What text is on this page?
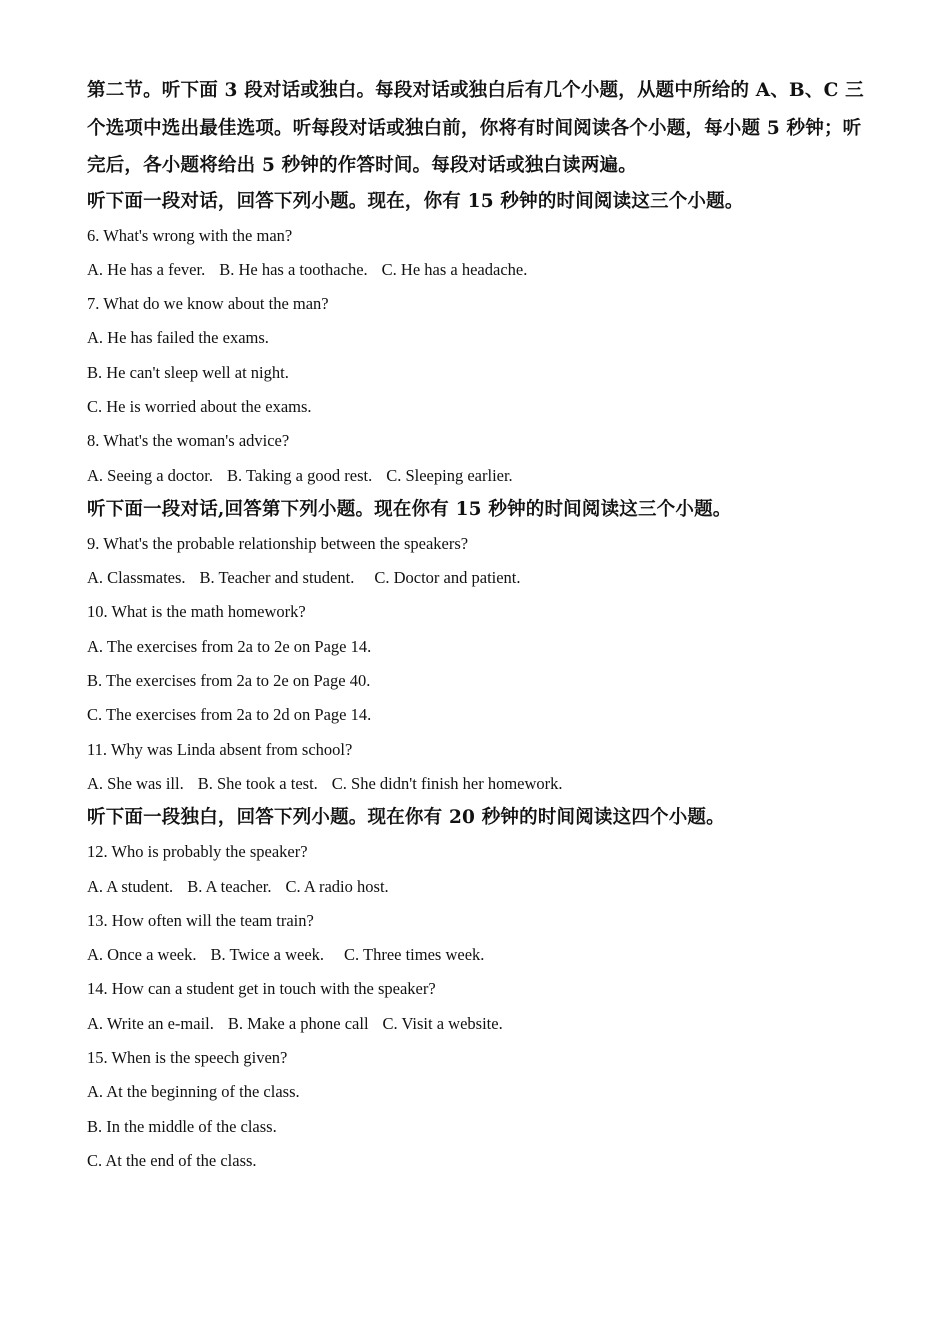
第二节。听下面 3 段对话或独白。每段对话或独白后有几个小题，从题中所给的 A、B、C 三个选项中选出最佳选项。听每段对话或独白前，你将有时间阅读各个小题，每小题 5 秒钟；听完后，各小题将给出 5 秒钟的作答时间。每段对话或独白读两遍。

听下面一段对话，回答下列小题。现在，你有 15 秒钟的时间阅读这三个小题。

6. What's wrong with the man?

A. He has a fever. B. He has a toothache. C. He has a headache.

7. What do we know about the man?

A. He has failed the exams.

B. He can't sleep well at night.

C. He is worried about the exams.

8. What's the woman's advice?

A. Seeing a doctor. B. Taking a good rest. C. Sleeping earlier.

听下面一段对话,回答第下列小题。现在你有 15 秒钟的时间阅读这三个小题。

9. What's the probable relationship between the speakers?

A. Classmates. B. Teacher and student. C. Doctor and patient.

10. What is the math homework?

A. The exercises from 2a to 2e on Page 14.

B. The exercises from 2a to 2e on Page 40.

C. The exercises from 2a to 2d on Page 14.

11. Why was Linda absent from school?

A. She was ill. B. She took a test. C. She didn't finish her homework.

听下面一段独白，回答下列小题。现在你有 20 秒钟的时间阅读这四个小题。

12. Who is probably the speaker?

A. A student. B. A teacher. C. A radio host.

13. How often will the team train?

A. Once a week. B. Twice a week. C. Three times week.

14. How can a student get in touch with the speaker?

A. Write an e-mail. B. Make a phone call C. Visit a website.

15. When is the speech given?

A. At the beginning of the class.

B. In the middle of the class.

C. At the end of the class.
